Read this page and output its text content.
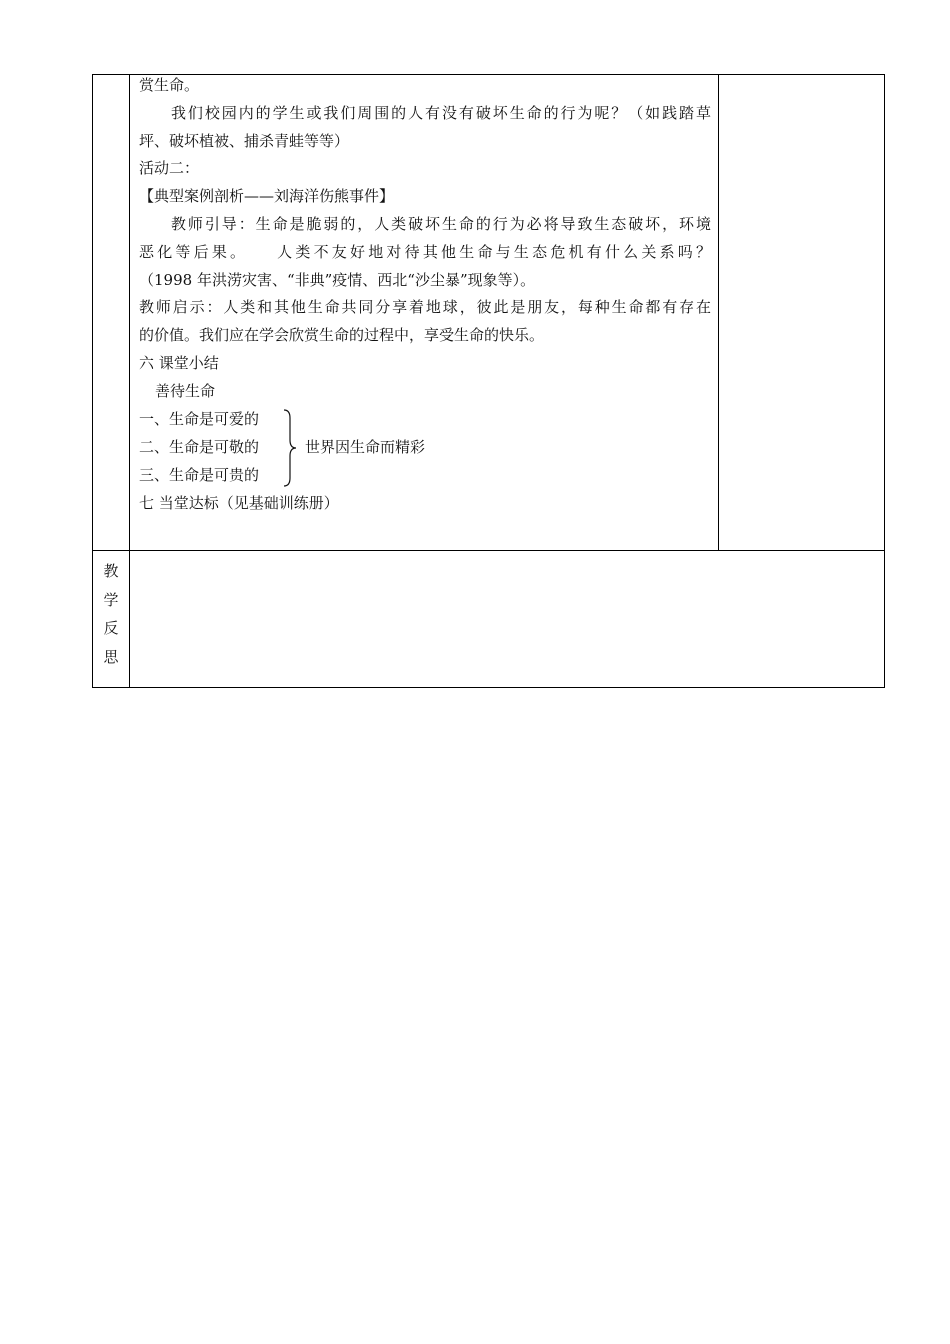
赏生命。
我们校园内的学生或我们周围的人有没有破坏生命的行为呢？（如践踏草
坪、破坏植被、捕杀青蛙等等）
活动二：
【典型案例剖析——刘海洋伤熊事件】
教师引导：生命是脆弱的，人类破坏生命的行为必将导致生态破坏，环境
恶化等后果。　　人类不友好地对待其他生命与生态危机有什么关系吗？
（1998 年洪涝灾害、“非典”疫情、西北“沙尘暴”现象等）。
教师启示：人类和其他生命共同分享着地球，彼此是朋友，每种生命都有存在
的价值。我们应在学会欣赏生命的过程中，享受生命的快乐。
六 课堂小结
善待生命
一、生命是可爱的
二、生命是可敬的
三、生命是可贵的
世界因生命而精彩
七 当堂达标（见基础训练册）
教
学
反
思
